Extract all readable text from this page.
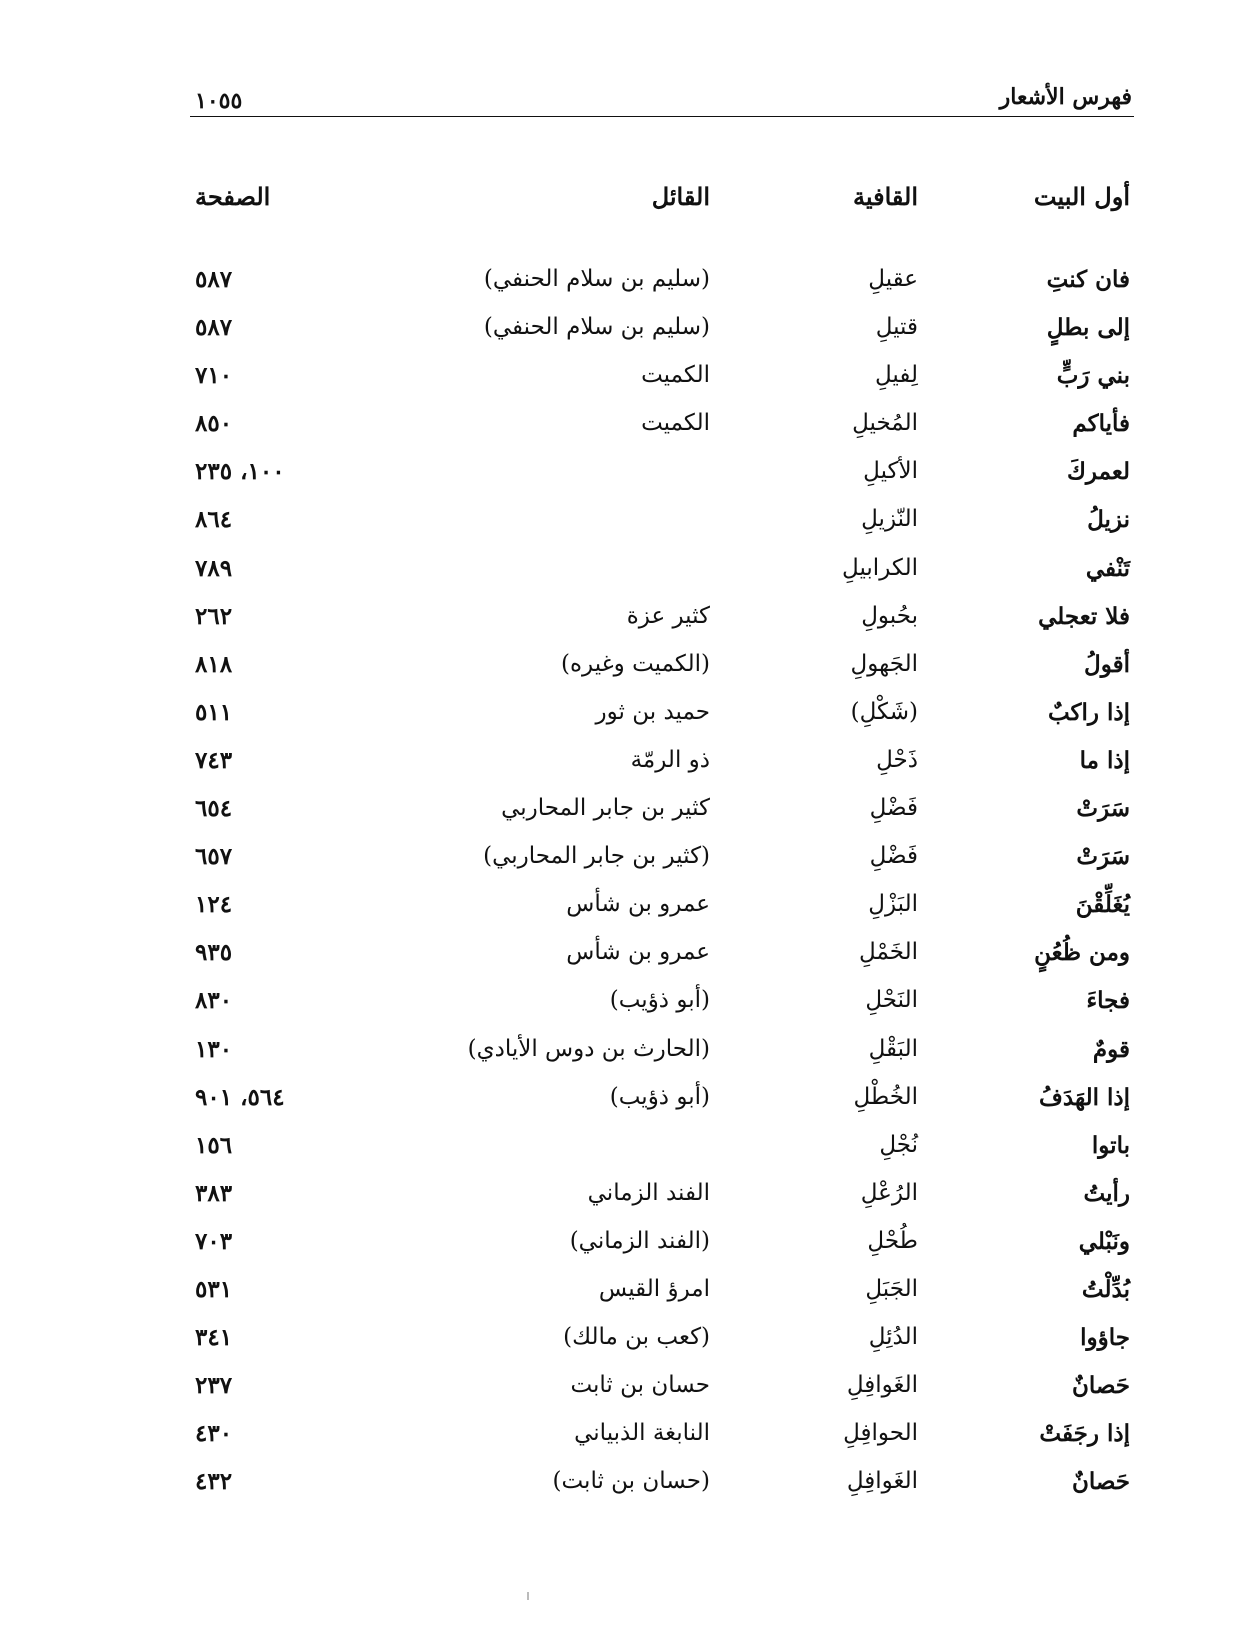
فهرس الأشعار
١٠٥٥
أول البيت
القافية
القائل
الصفحة
فان كنتِ
عقيلِ
(سليم بن سلام الحنفي)
٥٨٧
إلى بطلٍ
قتيلِ
(سليم بن سلام الحنفي)
٥٨٧
بني رَبٍّ
لِفيلِ
الكميت
٧١٠
فأياكم
المُخيلِ
الكميت
٨٥٠
لعمركَ
الأكيلِ
١٠٠، ٢٣٥
نزيلُ
النّزيلِ
٨٦٤
تَنْفي
الكرابيلِ
٧٨٩
فلا تعجلي
بحُبولِ
كثير عزة
٢٦٢
أقولُ
الجَهولِ
(الكميت وغيره)
٨١٨
إذا راكبٌ
(شَكْلِ)
حميد بن ثور
٥١١
إذا ما
ذَحْلِ
ذو الرمّة
٧٤٣
سَرَتْ
فَضْلِ
كثير بن جابر المحاربي
٦٥٤
سَرَتْ
فَضْلِ
(كثير بن جابر المحاربي)
٦٥٧
يُغَلِّقْنَ
البَزْلِ
عمرو بن شأس
١٢٤
ومن ظُعُنٍ
الخَمْلِ
عمرو بن شأس
٩٣٥
فجاءَ
النَحْلِ
(أبو ذؤيب)
٨٣٠
قومٌ
البَقْلِ
(الحارث بن دوس الأيادي)
١٣٠
إذا الهَدَفُ
الخُطْلِ
(أبو ذؤيب)
٥٦٤، ٩٠١
باتوا
نُجْلِ
١٥٦
رأيتُ
الرُعْلِ
الفند الزماني
٣٨٣
ونَبْلي
طُحْلِ
(الفند الزماني)
٧٠٣
بُدِّلْتُ
الجَبَلِ
امرؤ القيس
٥٣١
جاؤوا
الدُئِلِ
(كعب بن مالك)
٣٤١
حَصانٌ
الغَوافِلِ
حسان بن ثابت
٢٣٧
إذا رجَفَتْ
الحوافِلِ
النابغة الذبياني
٤٣٠
حَصانٌ
الغَوافِلِ
(حسان بن ثابت)
٤٣٢
